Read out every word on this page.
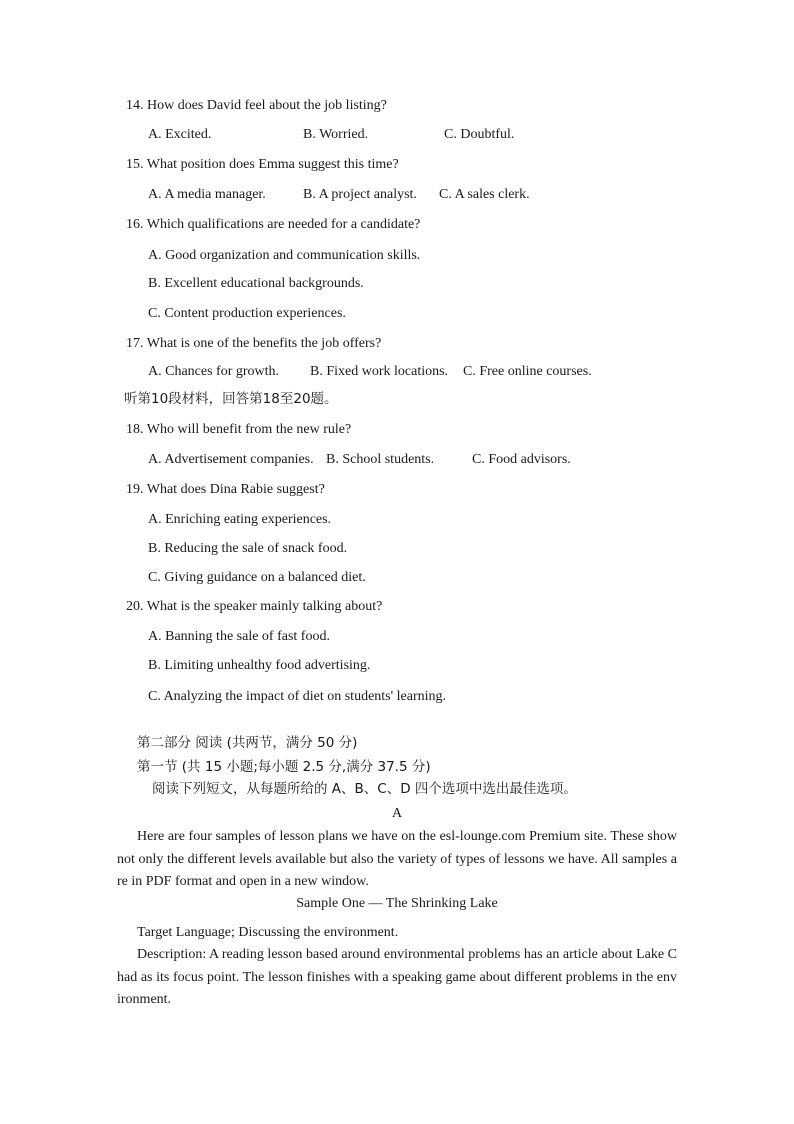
14. How does David feel about the job listing?
A. Excited.	B. Worried.	C. Doubtful.
15. What position does Emma suggest this time?
A. A media manager.	B. A project analyst. C. A sales clerk.
16. Which qualifications are needed for a candidate?
A. Good organization and communication skills.
B. Excellent educational backgrounds.
C. Content production experiences.
17. What is one of the benefits the job offers?
A. Chances for growth. B. Fixed work locations. C. Free online courses.
听第10段材料，回答第18至20题。
18. Who will benefit from the new rule?
A. Advertisement companies. B. School students.	C. Food advisors.
19. What does Dina Rabie suggest?
A. Enriching eating experiences.
B. Reducing the sale of snack food.
C. Giving guidance on a balanced diet.
20. What is the speaker mainly talking about?
A. Banning the sale of fast food.
B. Limiting unhealthy food advertising.
C. Analyzing the impact of diet on students' learning.
第二部分 阅读 (共两节，满分 50 分)
第一节 (共 15 小题;每小题 2.5 分,满分 37.5 分)
阅读下列短文，从每题所给的 A、B、C、D 四个选项中选出最佳选项。
A
Here are four samples of lesson plans we have on the esl-lounge.com Premium site. These show not only the different levels available but also the variety of types of lessons we have. All samples are in PDF format and open in a new window.
Sample One — The Shrinking Lake
Target Language; Discussing the environment.
Description: A reading lesson based around environmental problems has an article about Lake Chad as its focus point. The lesson finishes with a speaking game about different problems in the environment.
